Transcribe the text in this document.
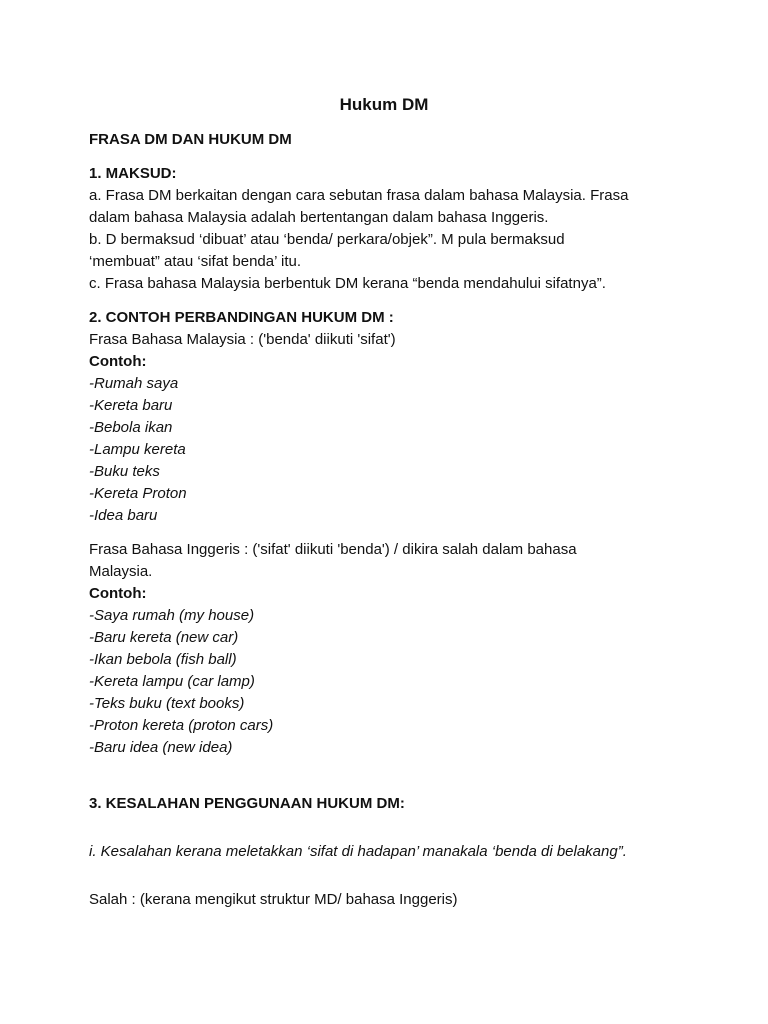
Hukum DM

FRASA DM DAN HUKUM DM

1. MAKSUD:

a. Frasa DM berkaitan dengan cara sebutan frasa dalam bahasa Malaysia. Frasa

dalam bahasa Malaysia adalah bertentangan dalam bahasa Inggeris.

b. D bermaksud ‘dibuat’ atau ‘benda/ perkara/objek”. M pula bermaksud

‘membuat” atau ‘sifat benda’ itu.

c. Frasa bahasa Malaysia berbentuk DM kerana “benda mendahului sifatnya”.

2. CONTOH PERBANDINGAN HUKUM DM :

Frasa Bahasa Malaysia : ('benda' diikuti 'sifat')

Contoh:

-Rumah saya

-Kereta baru

-Bebola ikan

-Lampu kereta

-Buku teks

-Kereta Proton

-Idea baru

Frasa Bahasa Inggeris : ('sifat' diikuti 'benda') / dikira salah dalam bahasa

Malaysia.

Contoh:

-Saya rumah (my house)

-Baru kereta (new car)

-Ikan bebola (fish ball)

-Kereta lampu (car lamp)

-Teks buku (text books)

-Proton kereta (proton cars)

-Baru idea (new idea)

3. KESALAHAN PENGGUNAAN HUKUM DM:

i. Kesalahan kerana meletakkan ‘sifat di hadapan’ manakala ‘benda di belakang”.

Salah : (kerana mengikut struktur MD/ bahasa Inggeris)
